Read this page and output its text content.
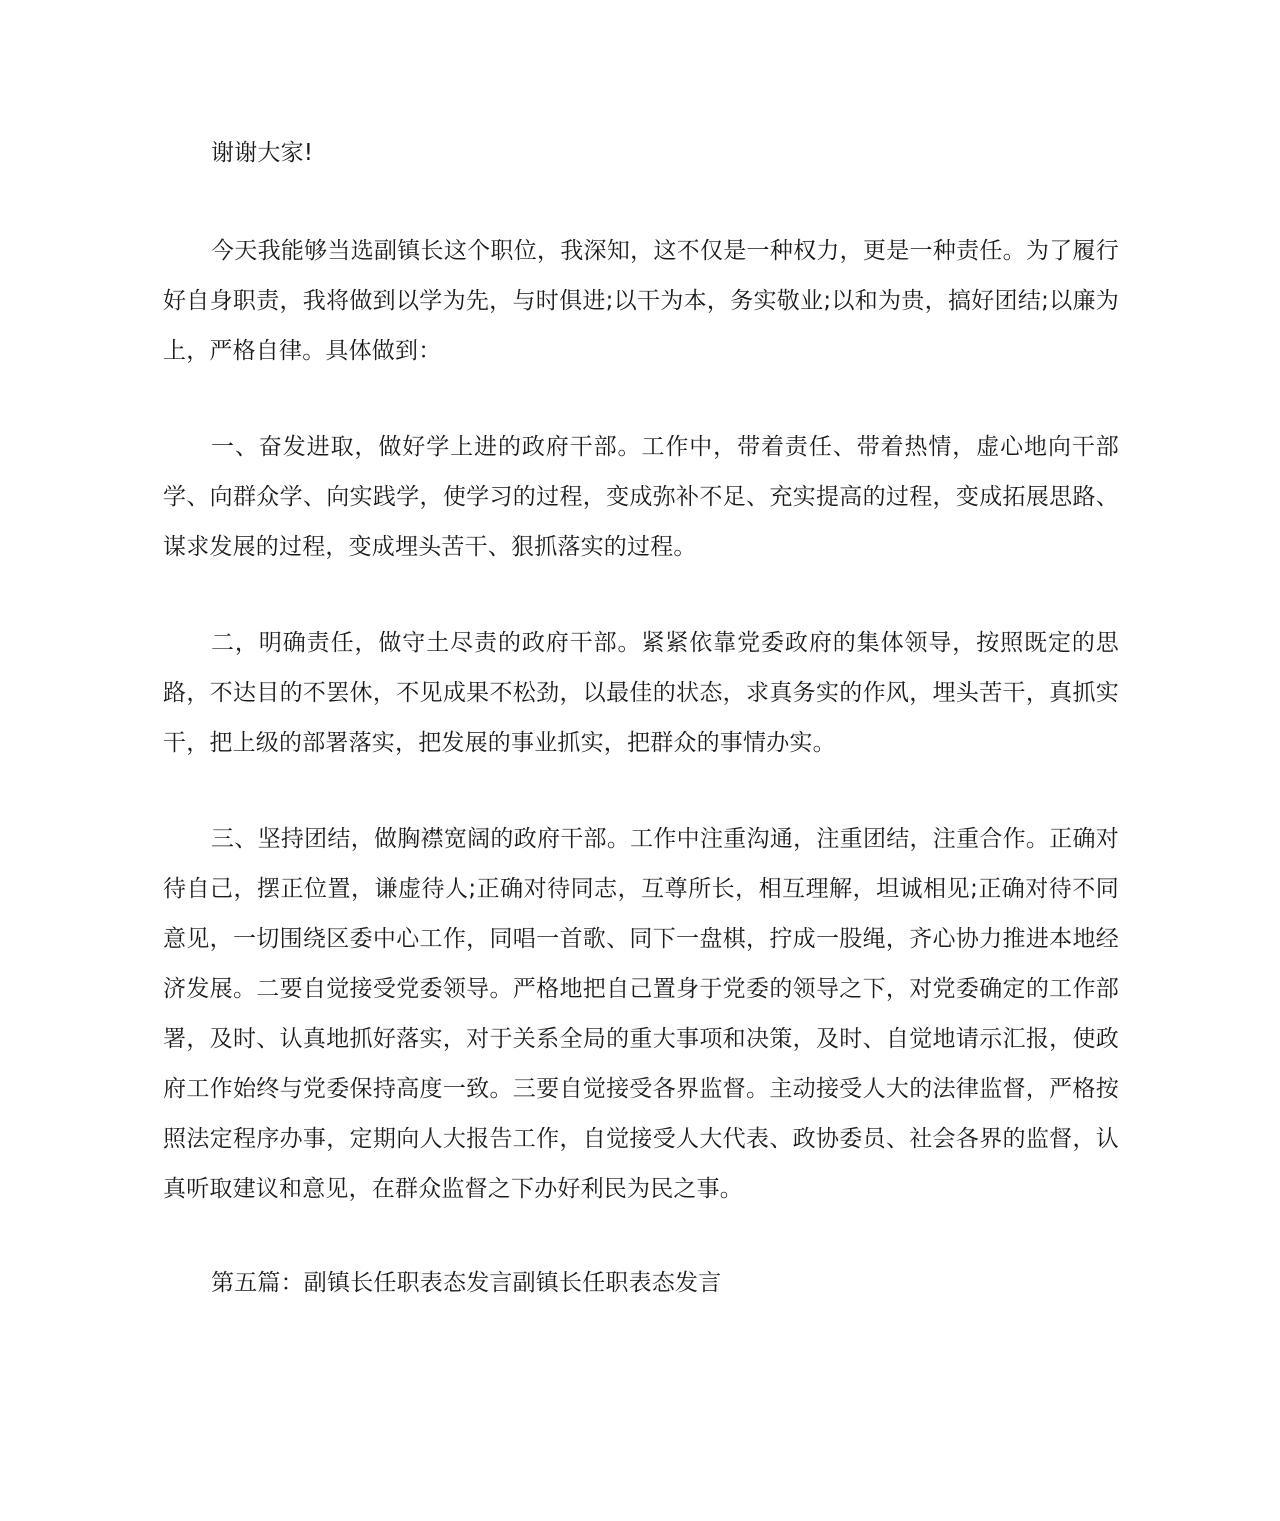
谢谢大家!

今天我能够当选副镇长这个职位，我深知，这不仅是一种权力，更是一种责任。为了履行好自身职责，我将做到以学为先，与时俱进;以干为本，务实敬业;以和为贵，搞好团结;以廉为上，严格自律。具体做到：

一、奋发进取，做好学上进的政府干部。工作中，带着责任、带着热情，虚心地向干部学、向群众学、向实践学，使学习的过程，变成弥补不足、充实提高的过程，变成拓展思路、谋求发展的过程，变成埋头苦干、狠抓落实的过程。

二，明确责任，做守土尽责的政府干部。紧紧依靠党委政府的集体领导，按照既定的思路，不达目的不罢休，不见成果不松劲，以最佳的状态，求真务实的作风，埋头苦干，真抓实干，把上级的部署落实，把发展的事业抓实，把群众的事情办实。

三、坚持团结，做胸襟宽阔的政府干部。工作中注重沟通，注重团结，注重合作。正确对待自己，摆正位置，谦虚待人;正确对待同志，互尊所长，相互理解，坦诚相见;正确对待不同意见，一切围绕区委中心工作，同唱一首歌、同下一盘棋，拧成一股绳，齐心协力推进本地经济发展。二要自觉接受党委领导。严格地把自己置身于党委的领导之下，对党委确定的工作部署，及时、认真地抓好落实，对于关系全局的重大事项和决策，及时、自觉地请示汇报，使政府工作始终与党委保持高度一致。三要自觉接受各界监督。主动接受人大的法律监督，严格按照法定程序办事，定期向人大报告工作，自觉接受人大代表、政协委员、社会各界的监督，认真听取建议和意见，在群众监督之下办好利民为民之事。

第五篇：副镇长任职表态发言副镇长任职表态发言
